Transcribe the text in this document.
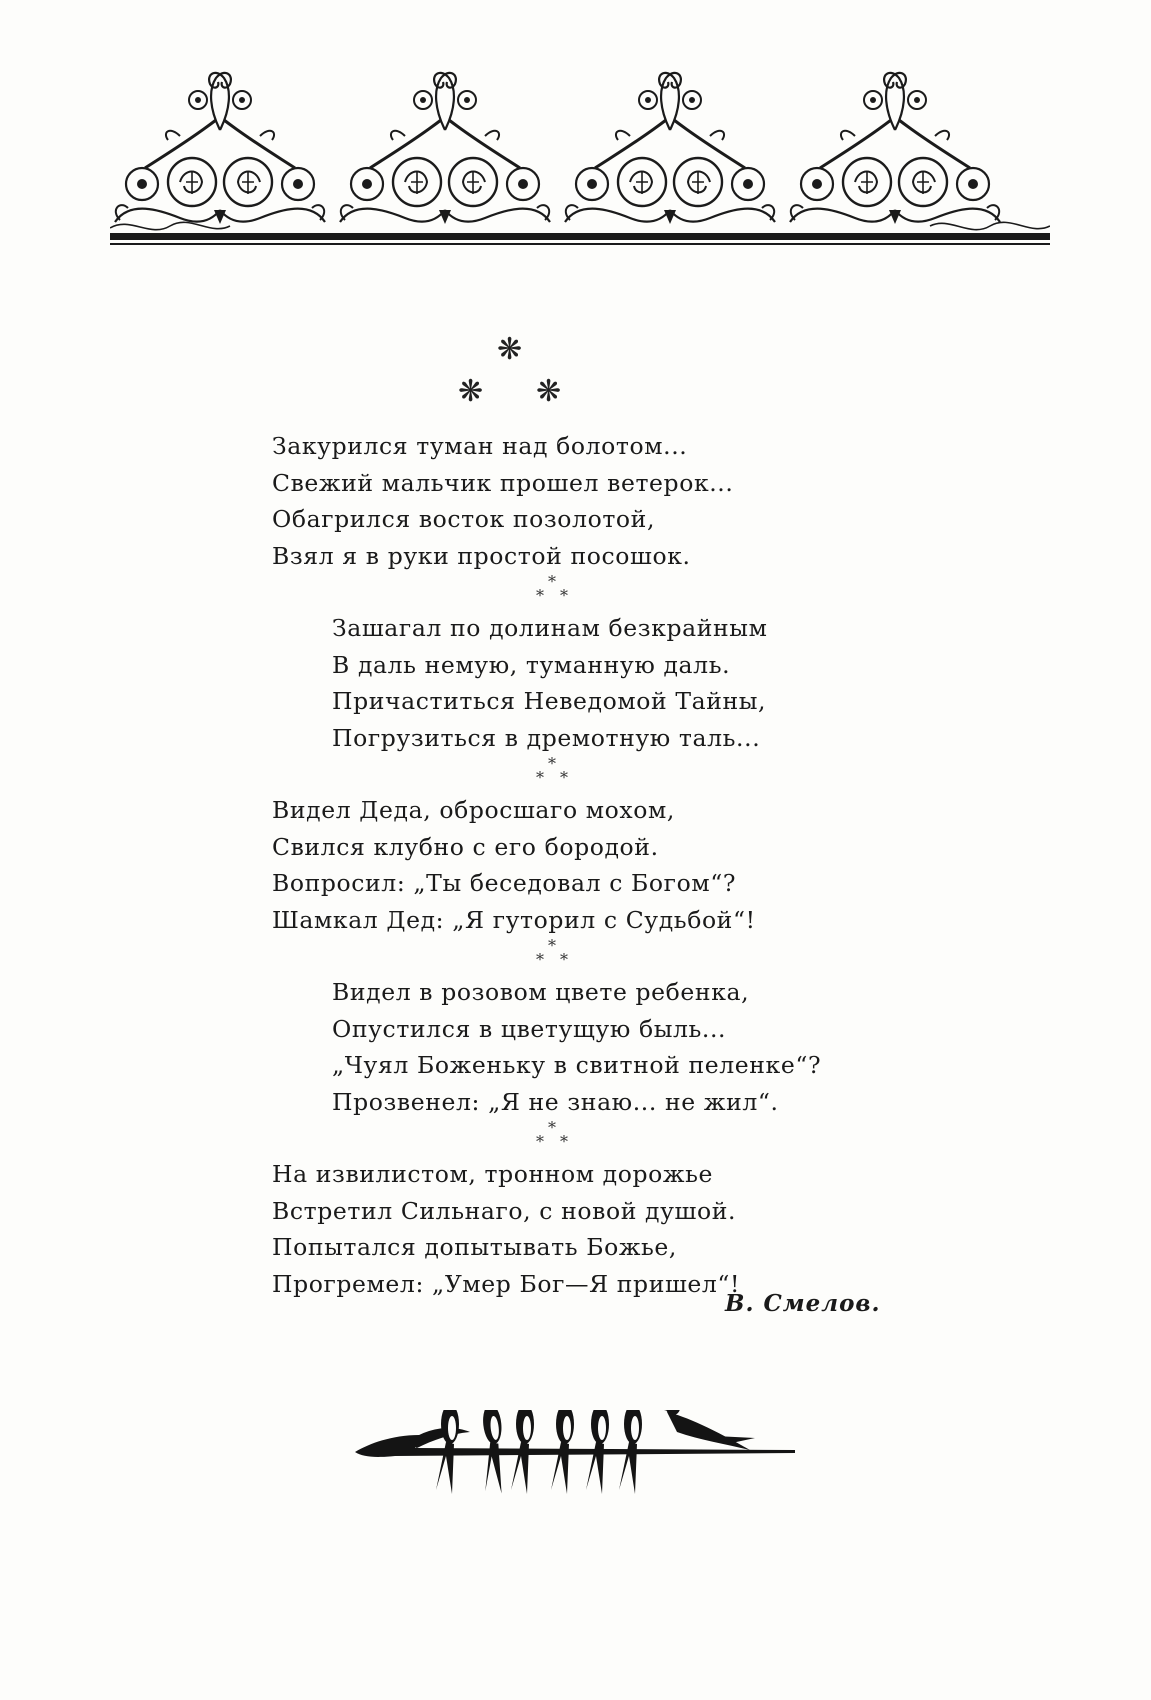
❋
❋ ❋
Закурился туман над болотом...
Свежий мальчик прошел ветерок...
Обагрился восток позолотой,
Взял я в руки простой посошок.
*
* *
Зашагал по долинам безкрайным
В даль немую, туманную даль.
Причаститься Неведомой Тайны,
Погрузиться в дремотную таль...
*
* *
Видел Деда, обросшаго мохом,
Свился клубно с его бородой.
Вопросил: „Ты беседовал с Богом“?
Шамкал Дед: „Я гуторил с Судьбой“!
*
* *
Видел в розовом цвете ребенка,
Опустился в цветущую быль...
„Чуял Боженьку в свитной пеленке“?
Прозвенел: „Я не знаю... не жил“.
*
* *
На извилистом, тронном дорожье
Встретил Сильнаго, с новой душой.
Попытался допытывать Божье,
Прогремел: „Умер Бог—Я пришел“!
В. Смелов.
